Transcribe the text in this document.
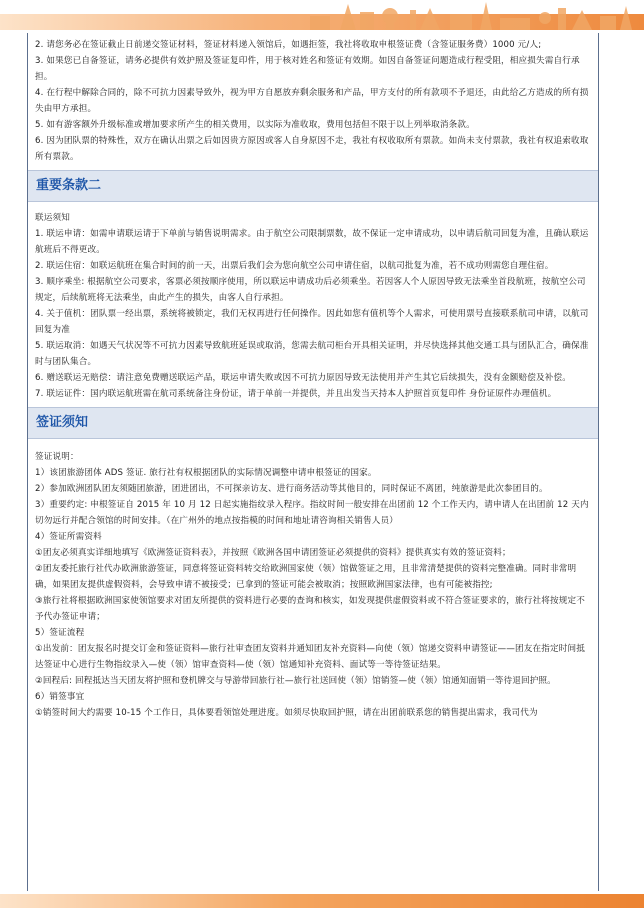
2. 请您务必在签证截止日前递交签证材料，签证材料递入领馆后，如遇拒签，我社将收取申根签证费（含签证服务费）1000 元/人;

3. 如果您已自备签证，请务必提供有效护照及签证复印件，用于核对姓名和签证有效期。如因自备签证问题造成行程受阻，相应损失需自行承担。

4. 在行程中解除合同的，除不可抗力因素导致外，视为甲方自愿放弃剩余服务和产品，甲方支付的所有款项不予退还，由此给乙方造成的所有损失由甲方承担。

5. 如有游客额外升级标准或增加要求所产生的相关费用，以实际为准收取，费用包括但不限于以上列举取消条款。

6. 因为团队票的特殊性，双方在确认出票之后如因贵方原因或客人自身原因不走，我社有权收取所有票款。如尚未支付票款，我社有权追索收取所有票款。

重要条款二

联运须知

1. 联运申请：如需申请联运请于下单前与销售说明需求。由于航空公司限制票数，故不保证一定申请成功，以申请后航司回复为准，且确认联运航班后不得更改。

2. 联运住宿：如联运航班在集合时间的前一天，出票后我们会为您向航空公司申请住宿，以航司批复为准，若不成功则需您自理住宿。

3. 顺序乘坐: 根据航空公司要求，客票必须按顺序使用，所以联运申请成功后必须乘坐。若因客人个人原因导致无法乘坐首段航班，按航空公司规定，后续航班将无法乘坐，由此产生的损失，由客人自行承担。

4. 关于值机：团队票一经出票，系统将被锁定，我们无权再进行任何操作。因此如您有值机等个人需求，可使用票号直接联系航司申请，以航司回复为准

5. 联运取消：如遇天气状况等不可抗力因素导致航班延误或取消，您需去航司柜台开具相关证明，并尽快选择其他交通工具与团队汇合，确保准时与团队集合。

6. 赠送联运无赔偿：请注意免费赠送联运产品，联运申请失败或因不可抗力原因导致无法使用并产生其它后续损失，没有金额赔偿及补偿。

7. 联运证件：国内联运航班需在航司系统备注身份证，请于单前一并提供，并且出发当天持本人护照首页复印件 身份证原件办理值机。

签证须知

签证说明：

1）该团旅游团体 ADS 签证. 旅行社有权根据团队的实际情况调整申请申根签证的国家。

2）参加欧洲团队团友须随团旅游，团进团出，不可探亲访友、进行商务活动等其他目的，同时保证不离团，纯旅游是此次参团目的。

3）重要约定: 申根签证自 2015 年 10 月 12 日起实施指纹录入程序。指纹时间一般安排在出团前 12 个工作天内，请申请人在出团前 12 天内切勿远行并配合领馆的时间安排。（在广州外的地点按指模的时间和地址请咨询相关销售人员）

4）签证所需资料

①团友必须真实详细地填写《欧洲签证资料表》，并按照《欧洲各国申请团签证必须提供的资料》提供真实有效的签证资料；

②团友委托旅行社代办欧洲旅游签证，同意将签证资料转交给欧洲国家使（领）馆做签证之用，且非常清楚提供的资料完整准确。同时非常明确，如果团友提供虚假资料，会导致申请不被接受；已拿到的签证可能会被取消；按照欧洲国家法律，也有可能被指控;

③旅行社将根据欧洲国家使领馆要求对团友所提供的资料进行必要的查询和核实，如发现提供虚假资料或不符合签证要求的，旅行社将按规定不予代办签证申请；

5）签证流程

①出发前：团友报名时提交订金和签证资料—旅行社审查团友资料并通知团友补充资料—向使（领）馆递交资料申请签证——团友在指定时间抵达签证中心进行生物指纹录入—使（领）馆审查资料—使（领）馆通知补充资料、面试等一等待签证结果。

②回程后: 回程抵达当天团友将护照和登机牌交与导游带回旅行社—旅行社送回使（领）馆销签—使（领）馆通知面销一等待退回护照。

6）销签事宜

①销签时间大约需要 10-15 个工作日，具体要看领馆处理进度。如须尽快取回护照，请在出团前联系您的销售提出需求，我司代为
